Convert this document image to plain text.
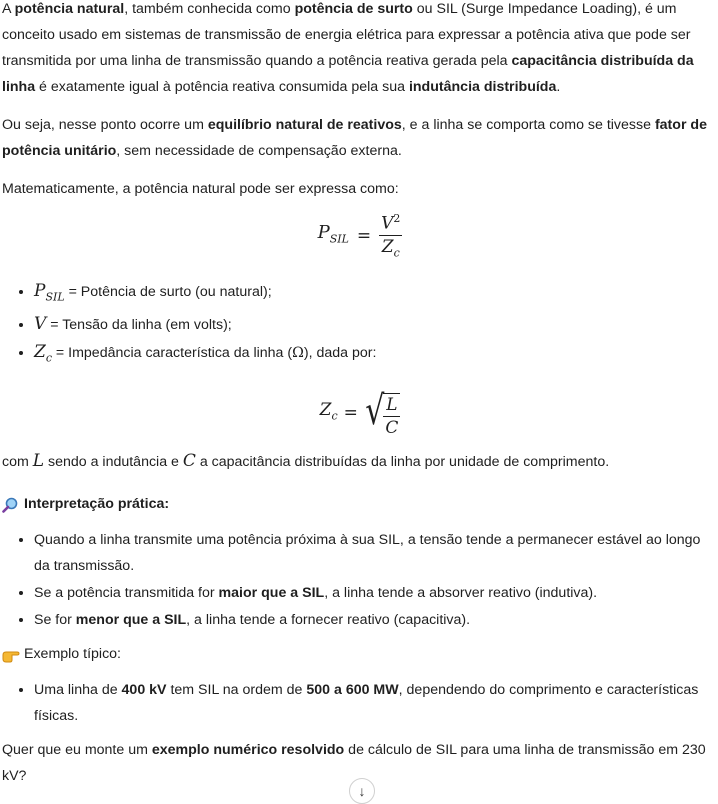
A potência natural, também conhecida como potência de surto ou SIL (Surge Impedance Loading), é um conceito usado em sistemas de transmissão de energia elétrica para expressar a potência ativa que pode ser transmitida por uma linha de transmissão quando a potência reativa gerada pela capacitância distribuída da linha é exatamente igual à potência reativa consumida pela sua indutância distribuída.

Ou seja, nesse ponto ocorre um equilíbrio natural de reativos, e a linha se comporta como se tivesse fator de potência unitário, sem necessidade de compensação externa.

Matematicamente, a potência natural pode ser expressa como:

$P_{SIL} = \frac{V^2}{Z_c}$
• $P_{SIL}$ = Potência de surto (ou natural);
• V = Tensão da linha (em volts);
• $Z_c$ = Impedância característica da linha (Ω), dada por:
$Z_c$ = √ $\frac{L}{C}$

com L sendo a indutância e C a capacitância distribuídas da linha por unidade de comprimento.

Interpretação prática:
• Quando a linha transmite uma potência próxima à sua SIL, a tensão tende a permanecer estável ao longo da transmissão.
• Se a potência transmitida for maior que a SIL, a linha tende a absorver reativo (indutiva).
• Se for menor que a SIL, a linha tende a fornecer reativo (capacitiva).
Exemplo típico:
• Uma linha de 400 kV tem SIL na ordem de 500 a 600 MW, dependendo do comprimento e características físicas.

Quer que eu monte um exemplo numérico resolvido de cálculo de SIL para uma linha de transmissão em 230 kV?

↓
